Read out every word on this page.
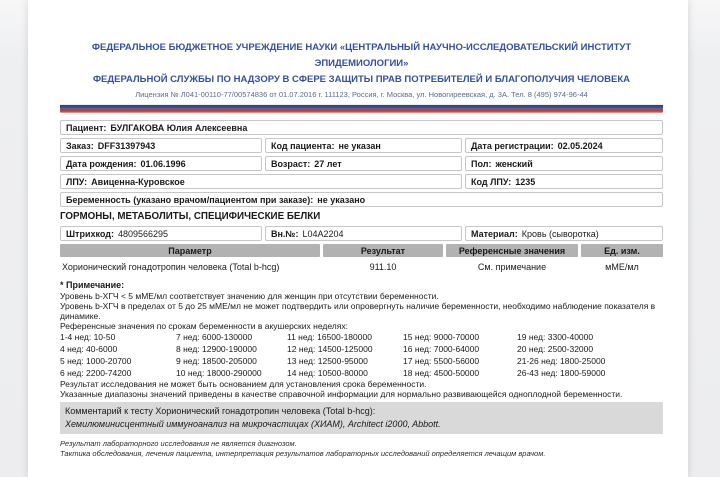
ФЕДЕРАЛЬНОЕ БЮДЖЕТНОЕ УЧРЕЖДЕНИЕ НАУКИ «ЦЕНТРАЛЬНЫЙ НАУЧНО-ИССЛЕДОВАТЕЛЬСКИЙ ИНСТИТУТ ЭПИДЕМИОЛОГИИ»
ФЕДЕРАЛЬНОЙ СЛУЖБЫ ПО НАДЗОРУ В СФЕРЕ ЗАЩИТЫ ПРАВ ПОТРЕБИТЕЛЕЙ И БЛАГОПОЛУЧИЯ ЧЕЛОВЕКА
Лицензия № Л041-00110-77/00574836 от 01.07.2016 г. 111123, Россия, г. Москва, ул. Новогиреевская, д. 3А. Тел. 8 (495) 974-96-44
Пациент: БУЛГАКОВА Юлия Алексеевна
Заказ: DFF31397943	Код пациента: не указан	Дата регистрации: 02.05.2024
Дата рождения: 01.06.1996	Возраст: 27 лет	Пол: женский
ЛПУ: Авиценна-Куровское	Код ЛПУ: 1235
Беременность (указано врачом/пациентом при заказе): не указано
ГОРМОНЫ, МЕТАБОЛИТЫ, СПЕЦИФИЧЕСКИЕ БЕЛКИ
Штрихкод: 4809566295	Вн.№: L04A2204	Материал: Кровь (сыворотка)
Параметр	Результат	Референсные значения	Ед. изм.
Хорионический гонадотропин человека (Total b-hcg)	911.10	См. примечание	мМЕ/мл
* Примечание:

Уровень b-ХГЧ < 5 мМЕ/мл соответствует значению для женщин при отсутствии беременности.

Уровень b-ХГЧ в пределах от 5 до 25 мМЕ/мл не может подтвердить или опровергнуть наличие беременности, необходимо наблюдение показателя в динамике.

Референсные значения по срокам беременности в акушерских неделях:

1-4 нед: 10-50	7 нед: 6000-130000	11 нед: 16500-180000	15 нед: 9000-70000	19 нед: 3300-40000
4 нед: 40-6000	8 нед: 12900-190000	12 нед: 14500-125000	16 нед: 7000-64000	20 нед: 2500-32000
5 нед: 1000-20700	9 нед: 18500-205000	13 нед: 12500-95000	17 нед: 5500-56000	21-26 нед: 1800-25000
6 нед: 2200-74200	10 нед: 18000-290000	14 нед: 10500-80000	18 нед: 4500-50000	26-43 нед: 1800-59000

Результат исследования не может быть основанием для установления срока беременности.

Указанные диапазоны значений приведены в качестве справочной информации для нормально развивающейся одноплодной беременности.

Комментарий к тесту Хорионический гонадотропин человека (Total b-hcg):
Хемилюминисцентный иммуноанализ на микрочастицах (ХИАМ), Architect i2000, Abbott.
Результат лабораторного исследования не является диагнозом.
Тактика обследования, лечения пациента, интерпретация результатов лабораторных исследований определяется лечащим врачом.
